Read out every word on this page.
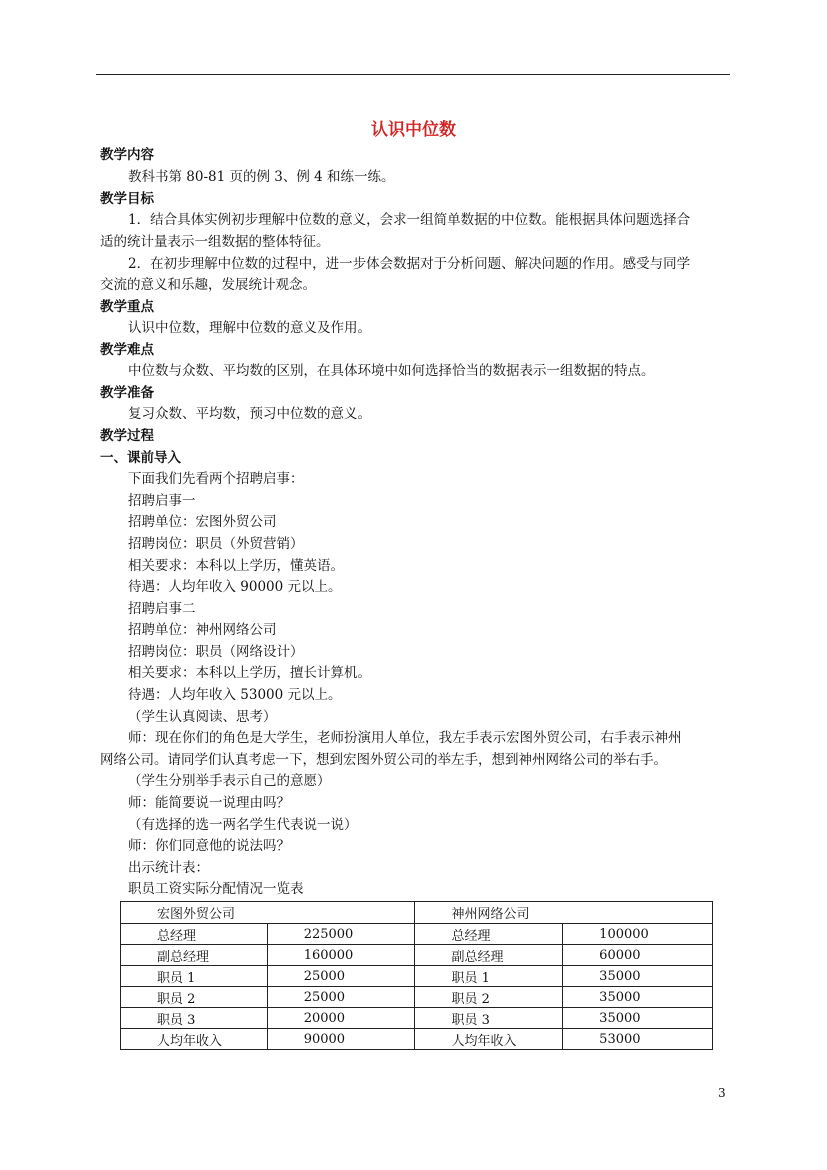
认识中位数
教学内容
教科书第 80-81 页的例 3、例 4 和练一练。
教学目标
1．结合具体实例初步理解中位数的意义，会求一组简单数据的中位数。能根据具体问题选择合
适的统计量表示一组数据的整体特征。
2．在初步理解中位数的过程中，进一步体会数据对于分析问题、解决问题的作用。感受与同学
交流的意义和乐趣，发展统计观念。
教学重点
认识中位数，理解中位数的意义及作用。
教学难点
中位数与众数、平均数的区别，在具体环境中如何选择恰当的数据表示一组数据的特点。
教学准备
复习众数、平均数，预习中位数的意义。
教学过程
一、课前导入
下面我们先看两个招聘启事：
招聘启事一
招聘单位：宏图外贸公司
招聘岗位：职员（外贸营销）
相关要求：本科以上学历，懂英语。
待遇：人均年收入 90000 元以上。
招聘启事二
招聘单位：神州网络公司
招聘岗位：职员（网络设计）
相关要求：本科以上学历，擅长计算机。
待遇：人均年收入 53000 元以上。
（学生认真阅读、思考）
师：现在你们的角色是大学生，老师扮演用人单位，我左手表示宏图外贸公司，右手表示神州
网络公司。请同学们认真考虑一下，想到宏图外贸公司的举左手，想到神州网络公司的举右手。
（学生分别举手表示自己的意愿）
师：能简要说一说理由吗？
（有选择的选一两名学生代表说一说）
师：你们同意他的说法吗？
出示统计表：
职员工资实际分配情况一览表
宏图外贸公司		神州网络公司	
总经理	225000	总经理	100000
副总经理	160000	副总经理	60000
职员 1	25000	职员 1	35000
职员 2	25000	职员 2	35000
职员 3	20000	职员 3	35000
人均年收入	90000	人均年收入	53000
3
